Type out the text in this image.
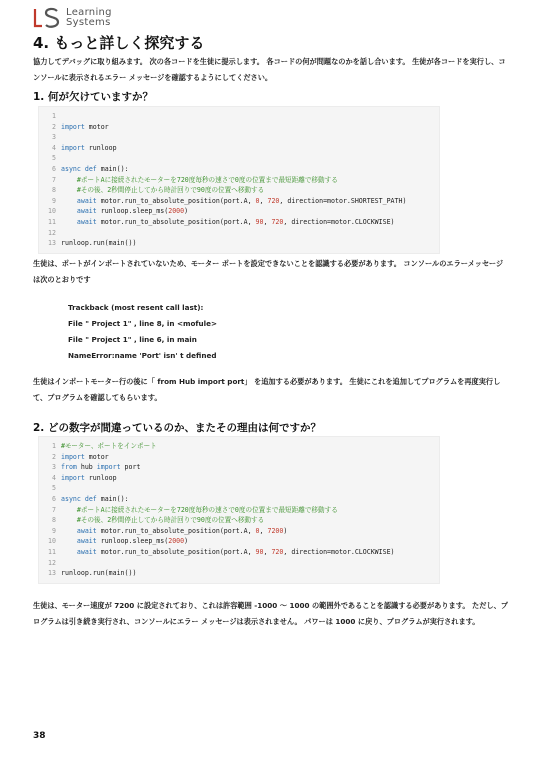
Learning
Systems
4. もっと詳しく探究する

協力してデバッグに取り組みます。 次の各コードを生徒に提示します。 各コードの何が問題なのかを話し合います。 生徒が各コードを実行し、コンソールに表示されるエラー メッセージを確認するようにしてください。

1. 何が欠けていますか？
1
2 import motor
3
4 import runloop
5
6 async def main():
7 #ポートAに接続されたモーターを720度毎秒の速さで0度の位置まで最短距離で移動する
8 #その後、2秒間停止してから時計回りで90度の位置へ移動する
9	await motor.run_to_absolute_position(port.A, 0, 720, direction=motor.SHORTEST_PATH)
10	await runloop.sleep_ms(2000)
11	await motor.run_to_absolute_position(port.A, 90, 720, direction=motor.CLOCKWISE)
12
13 runloop.run(main())

生徒は、ポートがインポートされていないため、モーター ポートを設定できないことを認識する必要があります。 コンソールのエラーメッセージは次のとおりです

Trackback (most resent call last):
File " Project 1" , line 8, in <mofule>
File " Project 1" , line 6, in main
NameError:name 'Port' isn' t defined

生徒はインポートモーター行の後に「 from Hub import port」 を追加する必要があります。 生徒にこれを追加してプログラムを再度実行して、プログラムを確認してもらいます。

2. どの数字が間違っているのか、またその理由は何ですか？
1 #モーター、ポートをインポート
2 import motor
3 from hub import port
4 import runloop
5
6 async def main():
7 #ポートAに接続されたモーターを720度毎秒の速さで0度の位置まで最短距離で移動する
8 #その後、2秒間停止してから時計回りで90度の位置へ移動する
9	await motor.run_to_absolute_position(port.A, 0, 7200)
10	await runloop.sleep_ms(2000)
11	await motor.run_to_absolute_position(port.A, 90, 720, direction=motor.CLOCKWISE)
12
13 runloop.run(main())

生徒は、モーター速度が 7200 に設定されており、これは許容範囲 -1000 ～ 1000 の範囲外であることを認識する必要があります。 ただし、プログラムは引き続き実行され、コンソールにエラー メッセージは表示されません。 パワーは 1000 に戻り、プログラムが実行されます。

38
